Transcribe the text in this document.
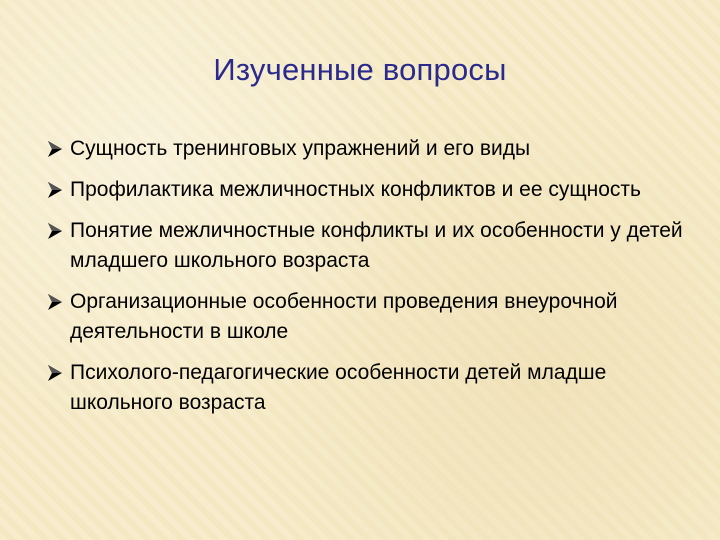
Изученные вопросы
Сущность тренинговых упражнений и его виды
Профилактика межличностных конфликтов и ее сущность
Понятие межличностные конфликты и их особенности у детей младшего школьного возраста
Организационные особенности проведения внеурочной деятельности в школе
Психолого-педагогические особенности детей младше школьного возраста
